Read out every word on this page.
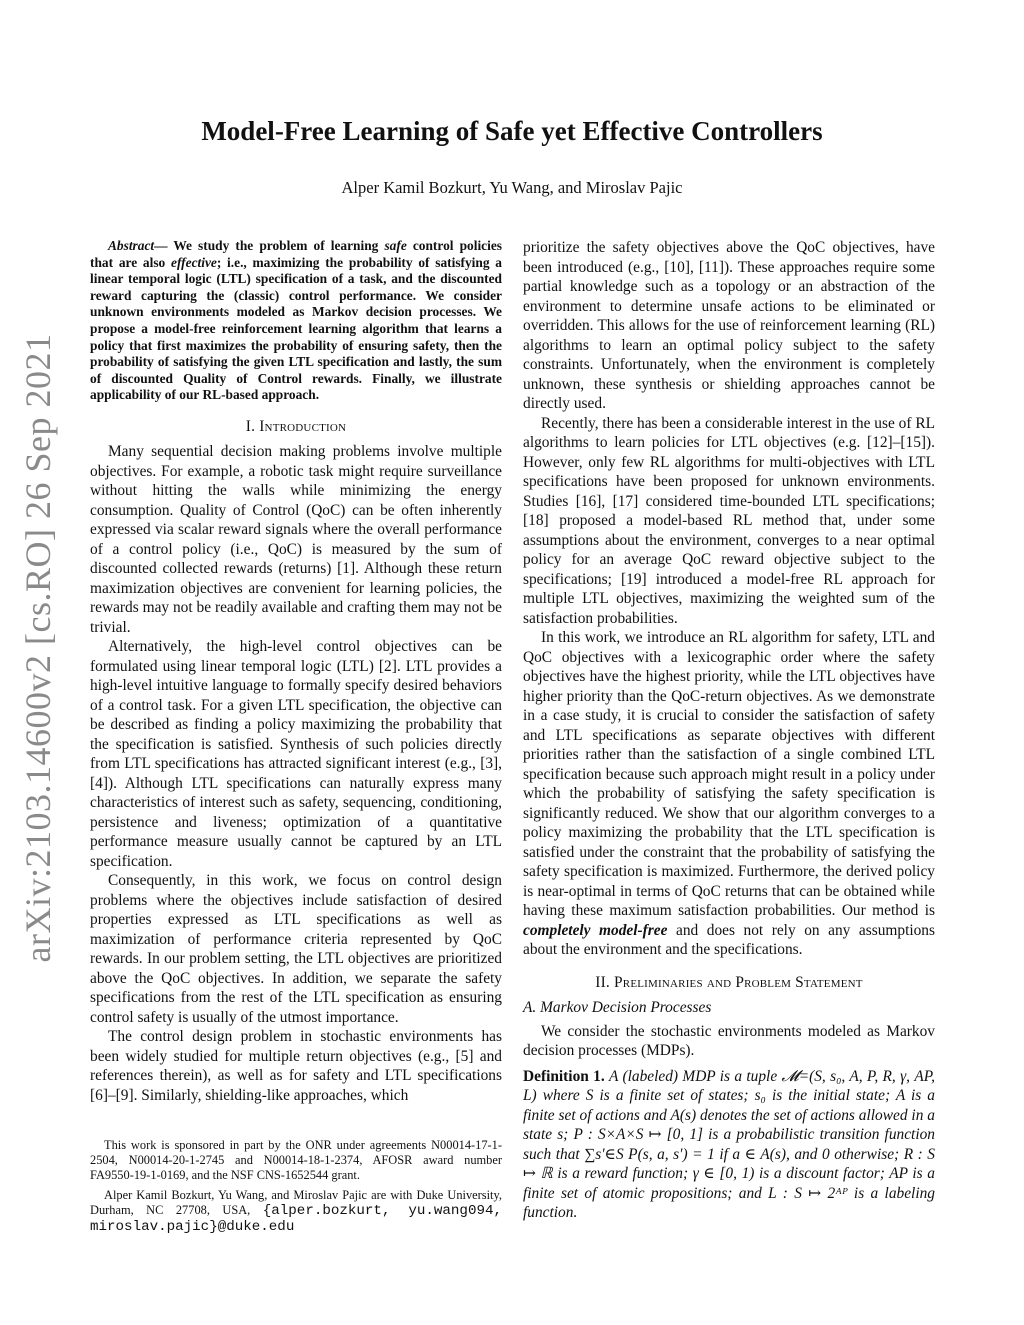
arXiv:2103.14600v2 [cs.RO] 26 Sep 2021
Model-Free Learning of Safe yet Effective Controllers
Alper Kamil Bozkurt, Yu Wang, and Miroslav Pajic

Abstract— We study the problem of learning safe control policies that are also effective; i.e., maximizing the probability of satisfying a linear temporal logic (LTL) specification of a task, and the discounted reward capturing the (classic) control performance. We consider unknown environments modeled as Markov decision processes. We propose a model-free reinforcement learning algorithm that learns a policy that first maximizes the probability of ensuring safety, then the probability of satisfying the given LTL specification and lastly, the sum of discounted Quality of Control rewards. Finally, we illustrate applicability of our RL-based approach.

I. Introduction

Many sequential decision making problems involve multiple objectives. For example, a robotic task might require surveillance without hitting the walls while minimizing the energy consumption. Quality of Control (QoC) can be often inherently expressed via scalar reward signals where the overall performance of a control policy (i.e., QoC) is measured by the sum of discounted collected rewards (returns) [1]. Although these return maximization objectives are convenient for learning policies, the rewards may not be readily available and crafting them may not be trivial.

Alternatively, the high-level control objectives can be formulated using linear temporal logic (LTL) [2]. LTL provides a high-level intuitive language to formally specify desired behaviors of a control task. For a given LTL specification, the objective can be described as finding a policy maximizing the probability that the specification is satisfied. Synthesis of such policies directly from LTL specifications has attracted significant interest (e.g., [3], [4]). Although LTL specifications can naturally express many characteristics of interest such as safety, sequencing, conditioning, persistence and liveness; optimization of a quantitative performance measure usually cannot be captured by an LTL specification.

Consequently, in this work, we focus on control design problems where the objectives include satisfaction of desired properties expressed as LTL specifications as well as maximization of performance criteria represented by QoC rewards. In our problem setting, the LTL objectives are prioritized above the QoC objectives. In addition, we separate the safety specifications from the rest of the LTL specification as ensuring control safety is usually of the utmost importance.

The control design problem in stochastic environments has been widely studied for multiple return objectives (e.g., [5] and references therein), as well as for safety and LTL specifications [6]–[9]. Similarly, shielding-like approaches, which

This work is sponsored in part by the ONR under agreements N00014-17-1-2504, N00014-20-1-2745 and N00014-18-1-2374, AFOSR award number FA9550-19-1-0169, and the NSF CNS-1652544 grant.

Alper Kamil Bozkurt, Yu Wang, and Miroslav Pajic are with Duke University, Durham, NC 27708, USA, {alper.bozkurt, yu.wang094, miroslav.pajic}@duke.edu

prioritize the safety objectives above the QoC objectives, have been introduced (e.g., [10], [11]). These approaches require some partial knowledge such as a topology or an abstraction of the environment to determine unsafe actions to be eliminated or overridden. This allows for the use of reinforcement learning (RL) algorithms to learn an optimal policy subject to the safety constraints. Unfortunately, when the environment is completely unknown, these synthesis or shielding approaches cannot be directly used.

Recently, there has been a considerable interest in the use of RL algorithms to learn policies for LTL objectives (e.g. [12]–[15]). However, only few RL algorithms for multi-objectives with LTL specifications have been proposed for unknown environments. Studies [16], [17] considered time-bounded LTL specifications; [18] proposed a model-based RL method that, under some assumptions about the environment, converges to a near optimal policy for an average QoC reward objective subject to the specifications; [19] introduced a model-free RL approach for multiple LTL objectives, maximizing the weighted sum of the satisfaction probabilities.

In this work, we introduce an RL algorithm for safety, LTL and QoC objectives with a lexicographic order where the safety objectives have the highest priority, while the LTL objectives have higher priority than the QoC-return objectives. As we demonstrate in a case study, it is crucial to consider the satisfaction of safety and LTL specifications as separate objectives with different priorities rather than the satisfaction of a single combined LTL specification because such approach might result in a policy under which the probability of satisfying the safety specification is significantly reduced. We show that our algorithm converges to a policy maximizing the probability that the LTL specification is satisfied under the constraint that the probability of satisfying the safety specification is maximized. Furthermore, the derived policy is near-optimal in terms of QoC returns that can be obtained while having these maximum satisfaction probabilities. Our method is completely model-free and does not rely on any assumptions about the environment and the specifications.

II. Preliminaries and Problem Statement
A. Markov Decision Processes

We consider the stochastic environments modeled as Markov decision processes (MDPs).

Definition 1. A (labeled) MDP is a tuple 𝓜=(S, s₀, A, P, R, γ, AP, L) where S is a finite set of states; s₀ is the initial state; A is a finite set of actions and A(s) denotes the set of actions allowed in a state s; P : S×A×S ↦ [0, 1] is a probabilistic transition function such that ∑s′∈S P(s, a, s′) = 1 if a ∈ A(s), and 0 otherwise; R : S ↦ ℝ is a reward function; γ ∈ [0, 1) is a discount factor; AP is a finite set of atomic propositions; and L : S ↦ 2ᴬᴾ is a labeling function.
